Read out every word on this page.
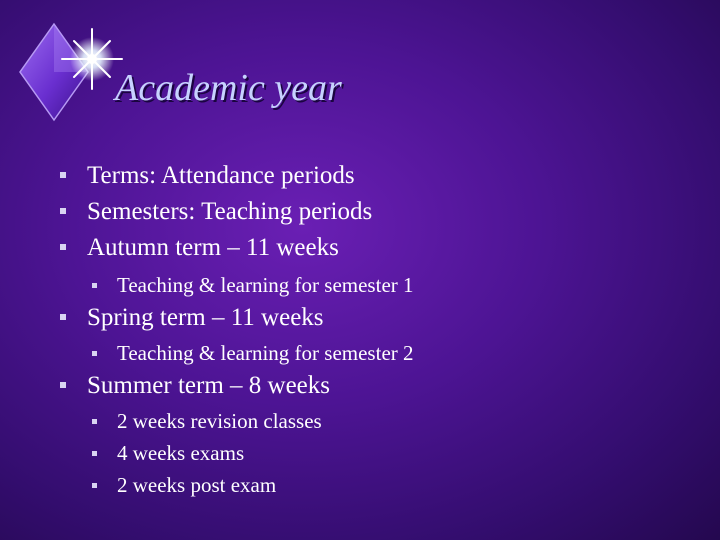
Academic year
Terms: Attendance periods
Semesters: Teaching periods
Autumn term – 11 weeks
Teaching & learning for semester 1
Spring term – 11 weeks
Teaching & learning for semester 2
Summer term – 8 weeks
2 weeks revision classes
4 weeks exams
2 weeks post exam
